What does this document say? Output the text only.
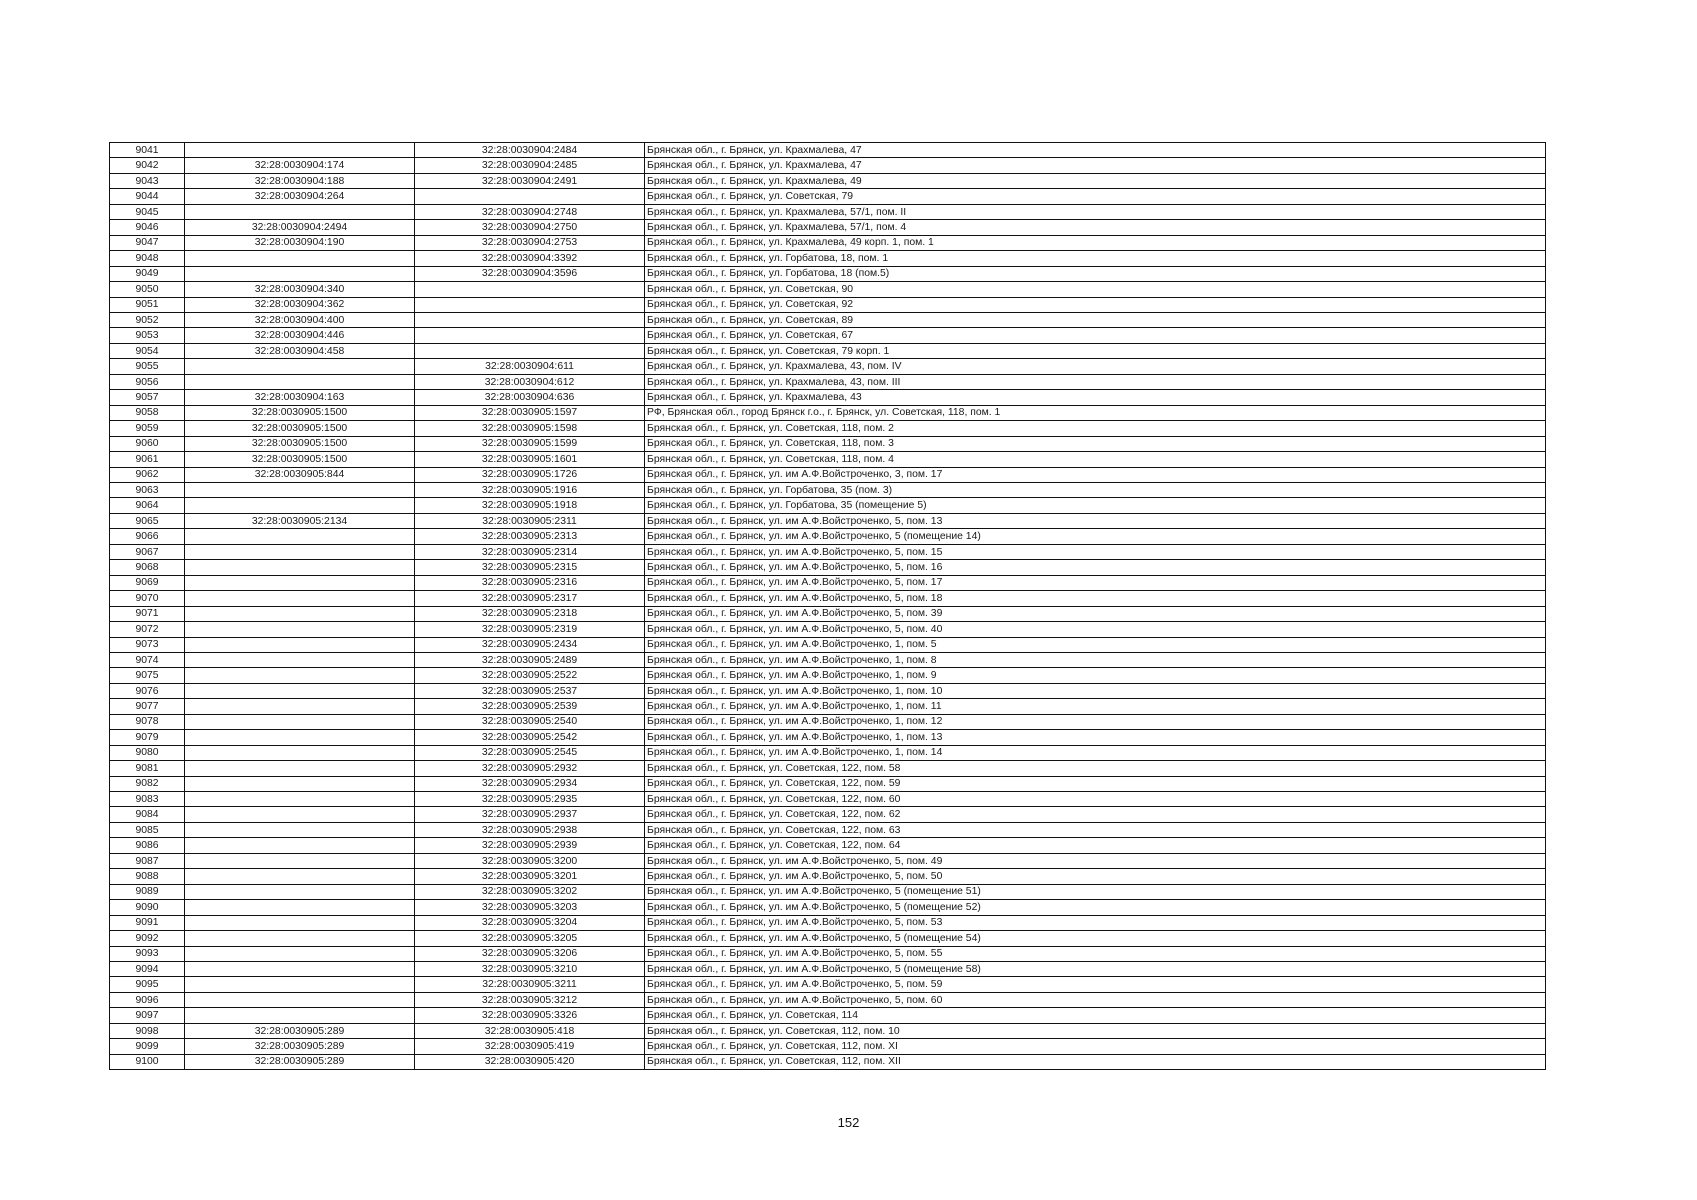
9041		32:28:0030904:2484	Брянская обл., г. Брянск, ул. Крахмалева, 47
9042	32:28:0030904:174	32:28:0030904:2485	Брянская обл., г. Брянск, ул. Крахмалева, 47
9043	32:28:0030904:188	32:28:0030904:2491	Брянская обл., г. Брянск, ул. Крахмалева, 49
9044	32:28:0030904:264		Брянская обл., г. Брянск, ул. Советская, 79
9045		32:28:0030904:2748	Брянская обл., г. Брянск, ул. Крахмалева, 57/1, пом. II
9046	32:28:0030904:2494	32:28:0030904:2750	Брянская обл., г. Брянск, ул. Крахмалева, 57/1, пом. 4
9047	32:28:0030904:190	32:28:0030904:2753	Брянская обл., г. Брянск, ул. Крахмалева, 49 корп. 1, пом. 1
9048		32:28:0030904:3392	Брянская обл., г. Брянск, ул. Горбатова, 18, пом. 1
9049		32:28:0030904:3596	Брянская обл., г. Брянск, ул. Горбатова, 18 (пом.5)
9050	32:28:0030904:340		Брянская обл., г. Брянск, ул. Советская, 90
9051	32:28:0030904:362		Брянская обл., г. Брянск, ул. Советская, 92
9052	32:28:0030904:400		Брянская обл., г. Брянск, ул. Советская, 89
9053	32:28:0030904:446		Брянская обл., г. Брянск, ул. Советская, 67
9054	32:28:0030904:458		Брянская обл., г. Брянск, ул. Советская, 79 корп. 1
9055		32:28:0030904:611	Брянская обл., г. Брянск, ул. Крахмалева, 43, пом. IV
9056		32:28:0030904:612	Брянская обл., г. Брянск, ул. Крахмалева, 43, пом. III
9057	32:28:0030904:163	32:28:0030904:636	Брянская обл., г. Брянск, ул. Крахмалева, 43
9058	32:28:0030905:1500	32:28:0030905:1597	РФ, Брянская обл., город Брянск г.о., г. Брянск, ул. Советская, 118, пом. 1
9059	32:28:0030905:1500	32:28:0030905:1598	Брянская обл., г. Брянск, ул. Советская, 118, пом. 2
9060	32:28:0030905:1500	32:28:0030905:1599	Брянская обл., г. Брянск, ул. Советская, 118, пом. 3
9061	32:28:0030905:1500	32:28:0030905:1601	Брянская обл., г. Брянск, ул. Советская, 118, пом. 4
9062	32:28:0030905:844	32:28:0030905:1726	Брянская обл., г. Брянск, ул. им А.Ф.Войстроченко, 3, пом. 17
9063		32:28:0030905:1916	Брянская обл., г. Брянск, ул. Горбатова, 35 (пом. 3)
9064		32:28:0030905:1918	Брянская обл., г. Брянск, ул. Горбатова, 35 (помещение 5)
9065	32:28:0030905:2134	32:28:0030905:2311	Брянская обл., г. Брянск, ул. им А.Ф.Войстроченко, 5, пом. 13
9066		32:28:0030905:2313	Брянская обл., г. Брянск, ул. им А.Ф.Войстроченко, 5 (помещение 14)
9067		32:28:0030905:2314	Брянская обл., г. Брянск, ул. им А.Ф.Войстроченко, 5, пом. 15
9068		32:28:0030905:2315	Брянская обл., г. Брянск, ул. им А.Ф.Войстроченко, 5, пом. 16
9069		32:28:0030905:2316	Брянская обл., г. Брянск, ул. им А.Ф.Войстроченко, 5, пом. 17
9070		32:28:0030905:2317	Брянская обл., г. Брянск, ул. им А.Ф.Войстроченко, 5, пом. 18
9071		32:28:0030905:2318	Брянская обл., г. Брянск, ул. им А.Ф.Войстроченко, 5, пом. 39
9072		32:28:0030905:2319	Брянская обл., г. Брянск, ул. им А.Ф.Войстроченко, 5, пом. 40
9073		32:28:0030905:2434	Брянская обл., г. Брянск, ул. им А.Ф.Войстроченко, 1, пом. 5
9074		32:28:0030905:2489	Брянская обл., г. Брянск, ул. им А.Ф.Войстроченко, 1, пом. 8
9075		32:28:0030905:2522	Брянская обл., г. Брянск, ул. им А.Ф.Войстроченко, 1, пом. 9
9076		32:28:0030905:2537	Брянская обл., г. Брянск, ул. им А.Ф.Войстроченко, 1, пом. 10
9077		32:28:0030905:2539	Брянская обл., г. Брянск, ул. им А.Ф.Войстроченко, 1, пом. 11
9078		32:28:0030905:2540	Брянская обл., г. Брянск, ул. им А.Ф.Войстроченко, 1, пом. 12
9079		32:28:0030905:2542	Брянская обл., г. Брянск, ул. им А.Ф.Войстроченко, 1, пом. 13
9080		32:28:0030905:2545	Брянская обл., г. Брянск, ул. им А.Ф.Войстроченко, 1, пом. 14
9081		32:28:0030905:2932	Брянская обл., г. Брянск, ул. Советская, 122, пом. 58
9082		32:28:0030905:2934	Брянская обл., г. Брянск, ул. Советская, 122, пом. 59
9083		32:28:0030905:2935	Брянская обл., г. Брянск, ул. Советская, 122, пом. 60
9084		32:28:0030905:2937	Брянская обл., г. Брянск, ул. Советская, 122, пом. 62
9085		32:28:0030905:2938	Брянская обл., г. Брянск, ул. Советская, 122, пом. 63
9086		32:28:0030905:2939	Брянская обл., г. Брянск, ул. Советская, 122, пом. 64
9087		32:28:0030905:3200	Брянская обл., г. Брянск, ул. им А.Ф.Войстроченко, 5, пом. 49
9088		32:28:0030905:3201	Брянская обл., г. Брянск, ул. им А.Ф.Войстроченко, 5, пом. 50
9089		32:28:0030905:3202	Брянская обл., г. Брянск, ул. им А.Ф.Войстроченко, 5 (помещение 51)
9090		32:28:0030905:3203	Брянская обл., г. Брянск, ул. им А.Ф.Войстроченко, 5 (помещение 52)
9091		32:28:0030905:3204	Брянская обл., г. Брянск, ул. им А.Ф.Войстроченко, 5, пом. 53
9092		32:28:0030905:3205	Брянская обл., г. Брянск, ул. им А.Ф.Войстроченко, 5 (помещение 54)
9093		32:28:0030905:3206	Брянская обл., г. Брянск, ул. им А.Ф.Войстроченко, 5, пом. 55
9094		32:28:0030905:3210	Брянская обл., г. Брянск, ул. им А.Ф.Войстроченко, 5 (помещение 58)
9095		32:28:0030905:3211	Брянская обл., г. Брянск, ул. им А.Ф.Войстроченко, 5, пом. 59
9096		32:28:0030905:3212	Брянская обл., г. Брянск, ул. им А.Ф.Войстроченко, 5, пом. 60
9097		32:28:0030905:3326	Брянская обл., г. Брянск, ул. Советская, 114
9098	32:28:0030905:289	32:28:0030905:418	Брянская обл., г. Брянск, ул. Советская, 112, пом. 10
9099	32:28:0030905:289	32:28:0030905:419	Брянская обл., г. Брянск, ул. Советская, 112, пом. XI
9100	32:28:0030905:289	32:28:0030905:420	Брянская обл., г. Брянск, ул. Советская, 112, пом. XII
152
